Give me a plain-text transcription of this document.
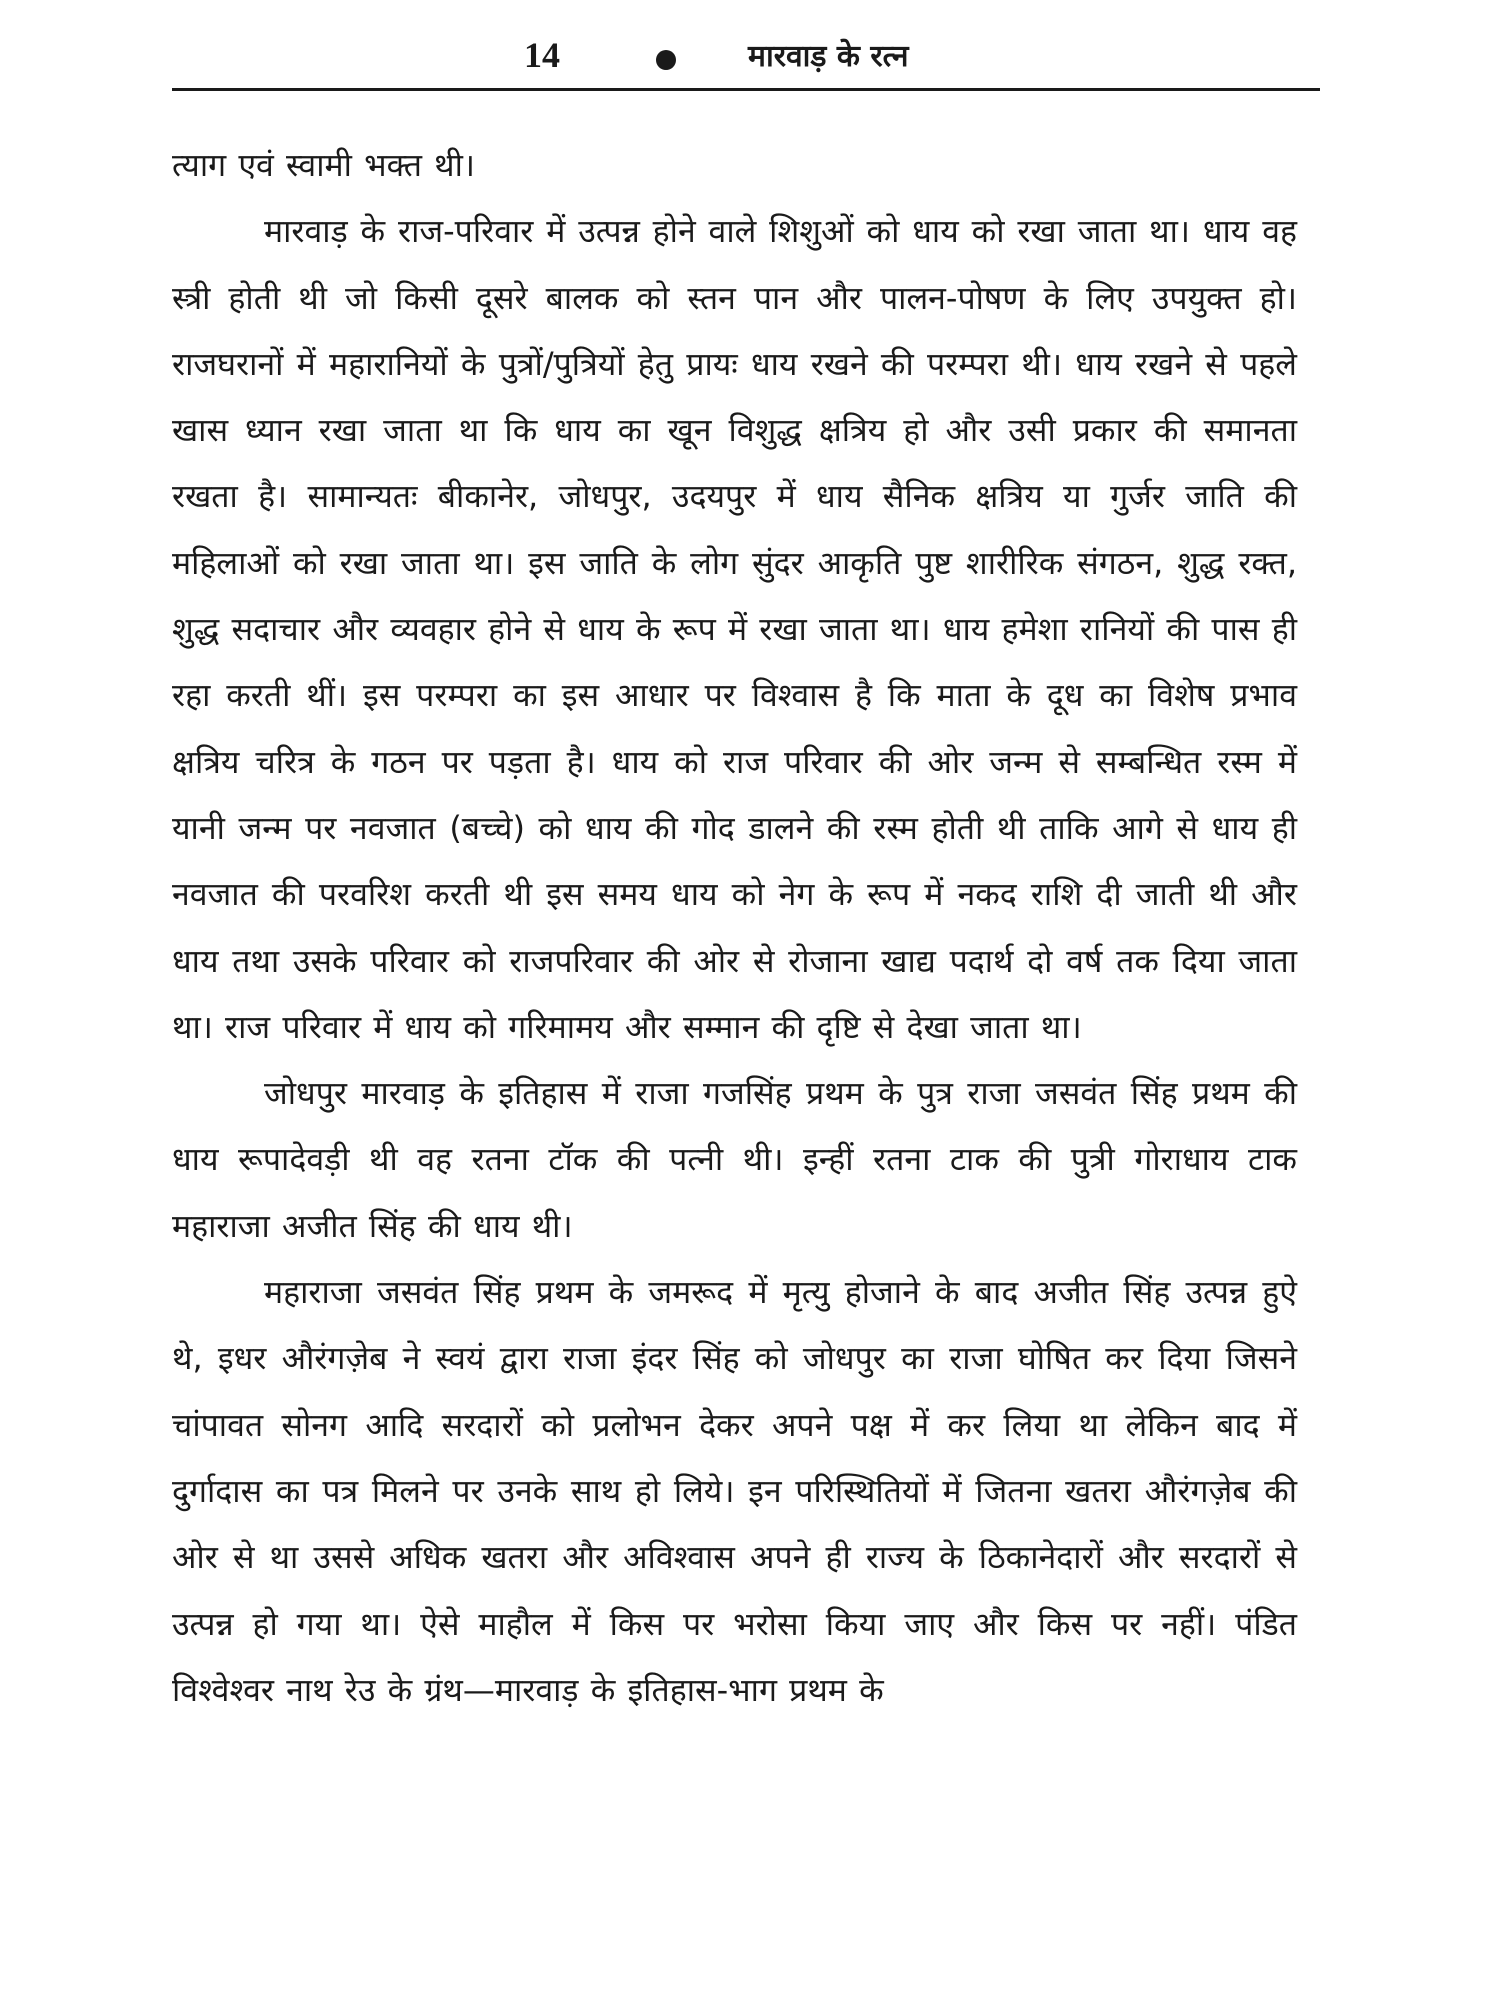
14	मारवाड़ के रत्न

त्याग एवं स्वामी भक्त थी।

मारवाड़ के राज-परिवार में उत्पन्न होने वाले शिशुओं को धाय को रखा जाता था। धाय वह स्त्री होती थी जो किसी दूसरे बालक को स्तन पान और पालन-पोषण के लिए उपयुक्त हो। राजघरानों में महारानियों के पुत्रों/पुत्रियों हेतु प्रायः धाय रखने की परम्परा थी। धाय रखने से पहले खास ध्यान रखा जाता था कि धाय का खून विशुद्ध क्षत्रिय हो और उसी प्रकार की समानता रखता है। सामान्यतः बीकानेर, जोधपुर, उदयपुर में धाय सैनिक क्षत्रिय या गुर्जर जाति की महिलाओं को रखा जाता था। इस जाति के लोग सुंदर आकृति पुष्ट शारीरिक संगठन, शुद्ध रक्त, शुद्ध सदाचार और व्यवहार होने से धाय के रूप में रखा जाता था। धाय हमेशा रानियों की पास ही रहा करती थीं। इस परम्परा का इस आधार पर विश्वास है कि माता के दूध का विशेष प्रभाव क्षत्रिय चरित्र के गठन पर पड़ता है। धाय को राज परिवार की ओर जन्म से सम्बन्धित रस्म में यानी जन्म पर नवजात (बच्चे) को धाय की गोद डालने की रस्म होती थी ताकि आगे से धाय ही नवजात की परवरिश करती थी इस समय धाय को नेग के रूप में नकद राशि दी जाती थी और धाय तथा उसके परिवार को राजपरिवार की ओर से रोजाना खाद्य पदार्थ दो वर्ष तक दिया जाता था। राज परिवार में धाय को गरिमामय और सम्मान की दृष्टि से देखा जाता था।

जोधपुर मारवाड़ के इतिहास में राजा गजसिंह प्रथम के पुत्र राजा जसवंत सिंह प्रथम की धाय रूपादेवड़ी थी वह रतना टॉक की पत्नी थी। इन्हीं रतना टाक की पुत्री गोराधाय टाक महाराजा अजीत सिंह की धाय थी।

महाराजा जसवंत सिंह प्रथम के जमरूद में मृत्यु होजाने के बाद अजीत सिंह उत्पन्न हुऐ थे, इधर औरंगज़ेब ने स्वयं द्वारा राजा इंदर सिंह को जोधपुर का राजा घोषित कर दिया जिसने चांपावत सोनग आदि सरदारों को प्रलोभन देकर अपने पक्ष में कर लिया था लेकिन बाद में दुर्गादास का पत्र मिलने पर उनके साथ हो लिये। इन परिस्थितियों में जितना खतरा औरंगज़ेब की ओर से था उससे अधिक खतरा और अविश्वास अपने ही राज्य के ठिकानेदारों और सरदारों से उत्पन्न हो गया था। ऐसे माहौल में किस पर भरोसा किया जाए और किस पर नहीं। पंडित विश्वेश्वर नाथ रेउ के ग्रंथ—मारवाड़ के इतिहास-भाग प्रथम के
